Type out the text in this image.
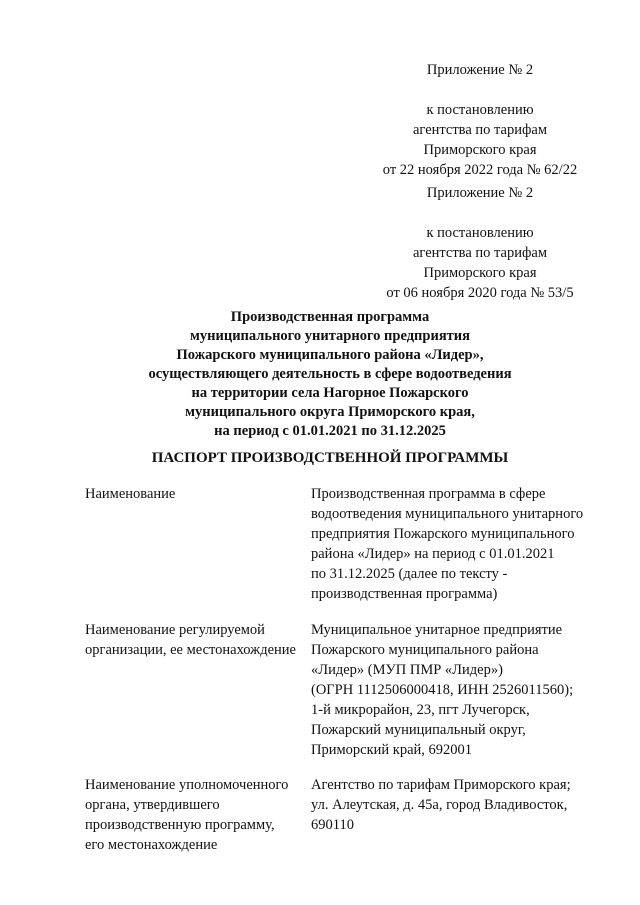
Приложение № 2
к постановлению
агентства по тарифам
Приморского края
от 22 ноября 2022 года № 62/22
Приложение № 2
к постановлению
агентства по тарифам
Приморского края
от 06 ноября 2020 года № 53/5
Производственная программа
муниципального унитарного предприятия
Пожарского муниципального района «Лидер»,
осуществляющего деятельность в сфере водоотведения
на территории села Нагорное Пожарского
муниципального округа Приморского края,
на период с 01.01.2021 по 31.12.2025
ПАСПОРТ ПРОИЗВОДСТВЕННОЙ ПРОГРАММЫ
Наименование	Производственная программа в сфере
водоотведения муниципального унитарного
предприятия Пожарского муниципального
района «Лидер» на период с 01.01.2021
по 31.12.2025 (далее по тексту -
производственная программа)
Наименование регулируемой
организации, ее местонахождение
Муниципальное унитарное предприятие
Пожарского муниципального района
«Лидер» (МУП ПМР «Лидер»)
(ОГРН 1112506000418, ИНН 2526011560);
1-й микрорайон, 23, пгт Лучегорск,
Пожарский муниципальный округ,
Приморский край, 692001
Наименование уполномоченного
органа, утвердившего
производственную программу,
его местонахождение
Агентство по тарифам Приморского края;
ул. Алеутская, д. 45а, город Владивосток,
690110
